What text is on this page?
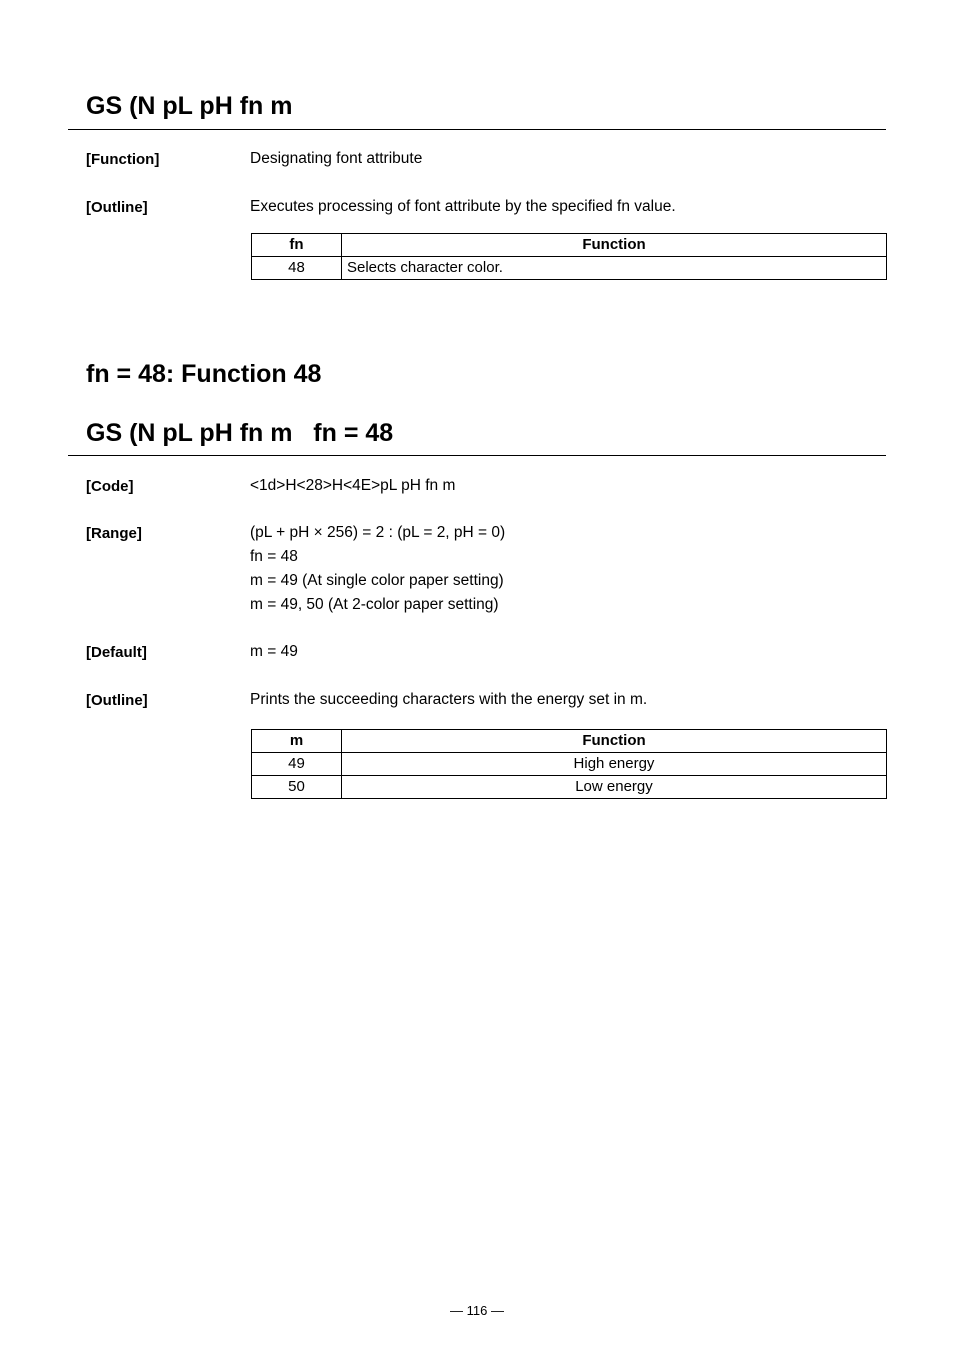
GS (N pL pH fn m
[Function]	Designating font attribute
[Outline]	Executes processing of font attribute by the specified fn value.
fn	Function
48	Selects character color.
fn = 48: Function 48
GS (N pL pH fn m   fn = 48
[Code]	<1d>H<28>H<4E>pL pH fn m
[Range]	(pL + pH × 256) = 2 : (pL = 2, pH = 0)
fn = 48
m = 49 (At single color paper setting)
m = 49, 50 (At 2-color paper setting)
[Default]	m = 49
[Outline]	Prints the succeeding characters with the energy set in m.
m	Function
49	High energy
50	Low energy
— 116 —
